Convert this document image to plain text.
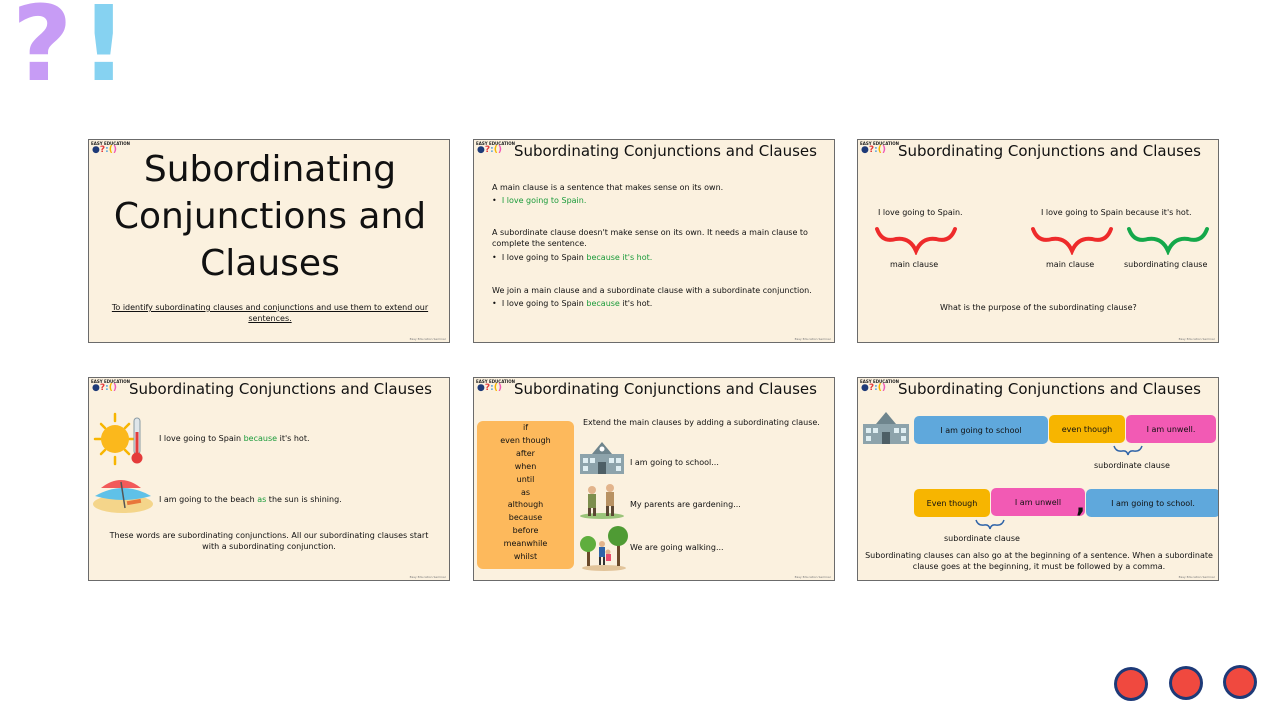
? !
EASY EDUCATION
●?:() Subordinating Conjunctions and Clauses
To identify subordinating clauses and conjunctions and use them to extend our sentences.
Easy Education Seminar
EASY EDUCATION
●?:() Subordinating Conjunctions and Clauses
A main clause is a sentence that makes sense on its own.
•  I love going to Spain.
A subordinate clause doesn't make sense on its own. It needs a main clause to
complete the sentence.
•  I love going to Spain because it's hot.
We join a main clause and a subordinate clause with a subordinate conjunction.
•  I love going to Spain because it's hot.
Easy Education Seminar
EASY EDUCATION
●?:() Subordinating Conjunctions and Clauses
I love going to Spain.	I love going to Spain because it's hot.
main clause	main clause	subordinating clause
What is the purpose of the subordinating clause?
Easy Education Seminar
EASY EDUCATION
●?:() Subordinating Conjunctions and Clauses
I love going to Spain because it's hot.
I am going to the beach as the sun is shining.
These words are subordinating conjunctions. All our subordinating clauses start
with a subordinating conjunction.
Easy Education Seminar
EASY EDUCATION
●?:() Subordinating Conjunctions and Clauses
if
even though
after
when
until
as
although
because
before
meanwhile
whilst
Extend the main clauses by adding a subordinating clause.
I am going to school...
My parents are gardening...
We are going walking...
Easy Education Seminar
EASY EDUCATION
●?:() Subordinating Conjunctions and Clauses
I am going to school	even though	I am unwell.
subordinate clause
Even though	I am unwell ,	I am going to school.
subordinate clause
Subordinating clauses can also go at the beginning of a sentence. When a subordinate
clause goes at the beginning, it must be followed by a comma.
Easy Education Seminar
